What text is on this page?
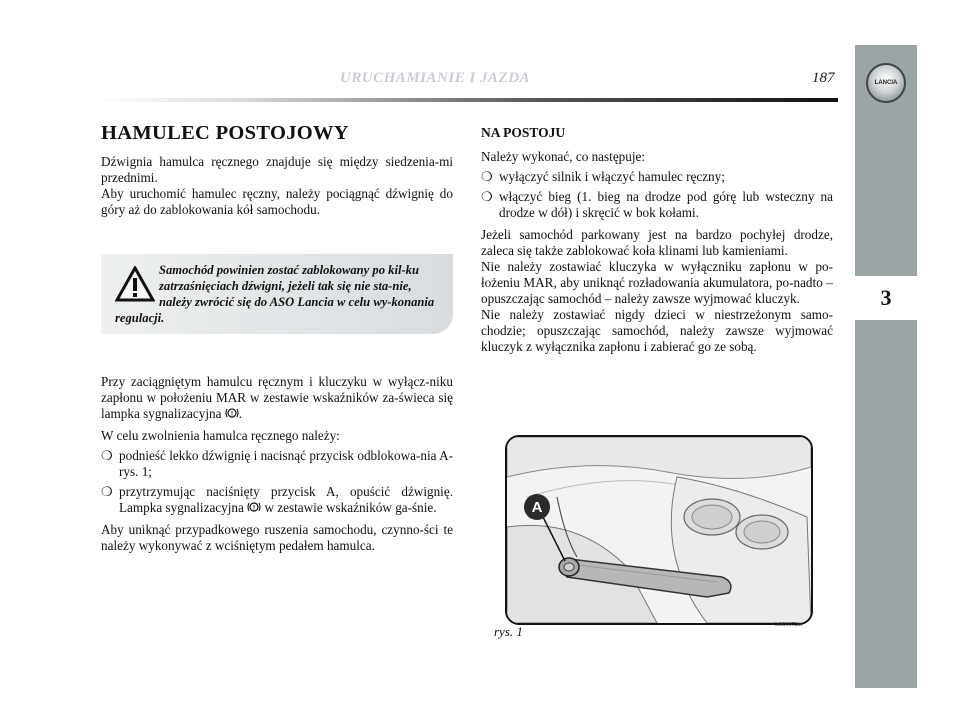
URUCHAMIANIE I JAZDA	187	LANCIA
3
HAMULEC POSTOJOWY

Dźwignia hamulca ręcznego znajduje się między siedzenia-mi przednimi.

Aby uruchomić hamulec ręczny, należy pociągnąć dźwignię do góry aż do zablokowania kół samochodu.

Samochód powinien zostać zablokowany po kil-ku zatrzaśnięciach dźwigni, jeżeli tak się nie sta-nie, należy zwrócić się do ASO Lancia w celu wy-konania regulacji.

Przy zaciągniętym hamulcu ręcznym i kluczyku w wyłącz-niku zapłonu w położeniu MAR w zestawie wskaźników za-świeca się lampka sygnalizacyjna ! .

W celu zwolnienia hamulca ręcznego należy:

❍ podnieść lekko dźwignię i nacisnąć przycisk odblokowa-nia A-rys. 1;
❍ przytrzymując naciśnięty przycisk A, opuścić dźwignię. Lampka sygnalizacyjna ! w zestawie wskaźników ga-śnie.

Aby uniknąć przypadkowego ruszenia samochodu, czynno-ści te należy wykonywać z wciśniętym pedałem hamulca.

NA POSTOJU

Należy wykonać, co następuje:

❍ wyłączyć silnik i włączyć hamulec ręczny;
❍ włączyć bieg (1. bieg na drodze pod górę lub wsteczny na drodze w dół) i skręcić w bok kołami.

Jeżeli samochód parkowany jest na bardzo pochyłej drodze, zaleca się także zablokować koła klinami lub kamieniami.

Nie należy zostawiać kluczyka w wyłączniku zapłonu w po-łożeniu MAR, aby uniknąć rozładowania akumulatora, po-nadto – opuszczając samochód – należy zawsze wyjmować kluczyk.

Nie należy zostawiać nigdy dzieci w niestrzeżonym samo-chodzie; opuszczając samochód, należy zawsze wyjmować kluczyk z wyłącznika zapłonu i zabierać go ze sobą.

A
rys. 1	L0E0072m
